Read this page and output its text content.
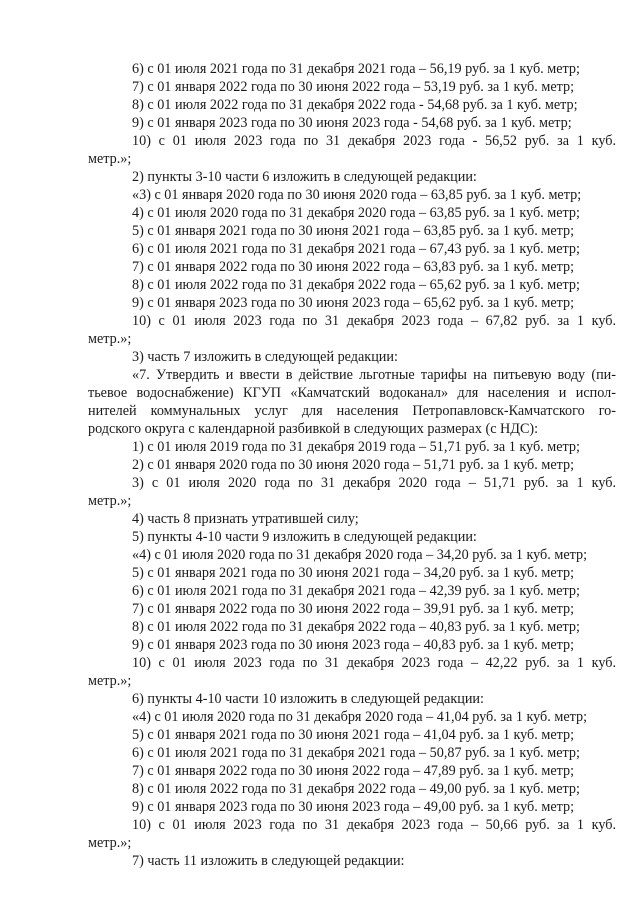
6) с 01 июля 2021 года по 31 декабря 2021 года – 56,19 руб. за 1 куб. метр;
7) с 01 января 2022 года по 30 июня 2022 года – 53,19 руб. за 1 куб. метр;
8) с 01 июля 2022 года по 31 декабря 2022 года - 54,68 руб. за 1 куб. метр;
9) с 01 января 2023 года по 30 июня 2023 года - 54,68 руб. за 1 куб. метр;
10) с 01 июля 2023 года по 31 декабря 2023 года - 56,52 руб. за 1 куб.
метр.»;
2) пункты 3-10 части 6 изложить в следующей редакции:
«3) с 01 января 2020 года по 30 июня 2020 года – 63,85 руб. за 1 куб. метр;
4) с 01 июля 2020 года по 31 декабря 2020 года – 63,85 руб. за 1 куб. метр;
5) с 01 января 2021 года по 30 июня 2021 года – 63,85 руб. за 1 куб. метр;
6) с 01 июля 2021 года по 31 декабря 2021 года – 67,43 руб. за 1 куб. метр;
7) с 01 января 2022 года по 30 июня 2022 года – 63,83 руб. за 1 куб. метр;
8) с 01 июля 2022 года по 31 декабря 2022 года – 65,62 руб. за 1 куб. метр;
9) с 01 января 2023 года по 30 июня 2023 года – 65,62 руб. за 1 куб. метр;
10) с 01 июля 2023 года по 31 декабря 2023 года – 67,82 руб. за 1 куб.
метр.»;
3) часть 7 изложить в следующей редакции:
«7. Утвердить и ввести в действие льготные тарифы на питьевую воду (пи-
тьевое водоснабжение) КГУП «Камчатский водоканал» для населения и испол-
нителей коммунальных услуг для населения Петропавловск-Камчатского го-
родского округа с календарной разбивкой в следующих размерах (с НДС):
1) с 01 июля 2019 года по 31 декабря 2019 года – 51,71 руб. за 1 куб. метр;
2) с 01 января 2020 года по 30 июня 2020 года – 51,71 руб. за 1 куб. метр;
3) с 01 июля 2020 года по 31 декабря 2020 года – 51,71 руб. за 1 куб.
метр.»;
4) часть 8 признать утратившей силу;
5) пункты 4-10 части 9 изложить в следующей редакции:
«4) с 01 июля 2020 года по 31 декабря 2020 года – 34,20 руб. за 1 куб. метр;
5) с 01 января 2021 года по 30 июня 2021 года – 34,20 руб. за 1 куб. метр;
6) с 01 июля 2021 года по 31 декабря 2021 года – 42,39 руб. за 1 куб. метр;
7) с 01 января 2022 года по 30 июня 2022 года – 39,91 руб. за 1 куб. метр;
8) с 01 июля 2022 года по 31 декабря 2022 года – 40,83 руб. за 1 куб. метр;
9) с 01 января 2023 года по 30 июня 2023 года – 40,83 руб. за 1 куб. метр;
10) с 01 июля 2023 года по 31 декабря 2023 года – 42,22 руб. за 1 куб.
метр.»;
6) пункты 4-10 части 10 изложить в следующей редакции:
«4) с 01 июля 2020 года по 31 декабря 2020 года – 41,04 руб. за 1 куб. метр;
5) с 01 января 2021 года по 30 июня 2021 года – 41,04 руб. за 1 куб. метр;
6) с 01 июля 2021 года по 31 декабря 2021 года – 50,87 руб. за 1 куб. метр;
7) с 01 января 2022 года по 30 июня 2022 года – 47,89 руб. за 1 куб. метр;
8) с 01 июля 2022 года по 31 декабря 2022 года – 49,00 руб. за 1 куб. метр;
9) с 01 января 2023 года по 30 июня 2023 года – 49,00 руб. за 1 куб. метр;
10) с 01 июля 2023 года по 31 декабря 2023 года – 50,66 руб. за 1 куб.
метр.»;
7) часть 11 изложить в следующей редакции:
